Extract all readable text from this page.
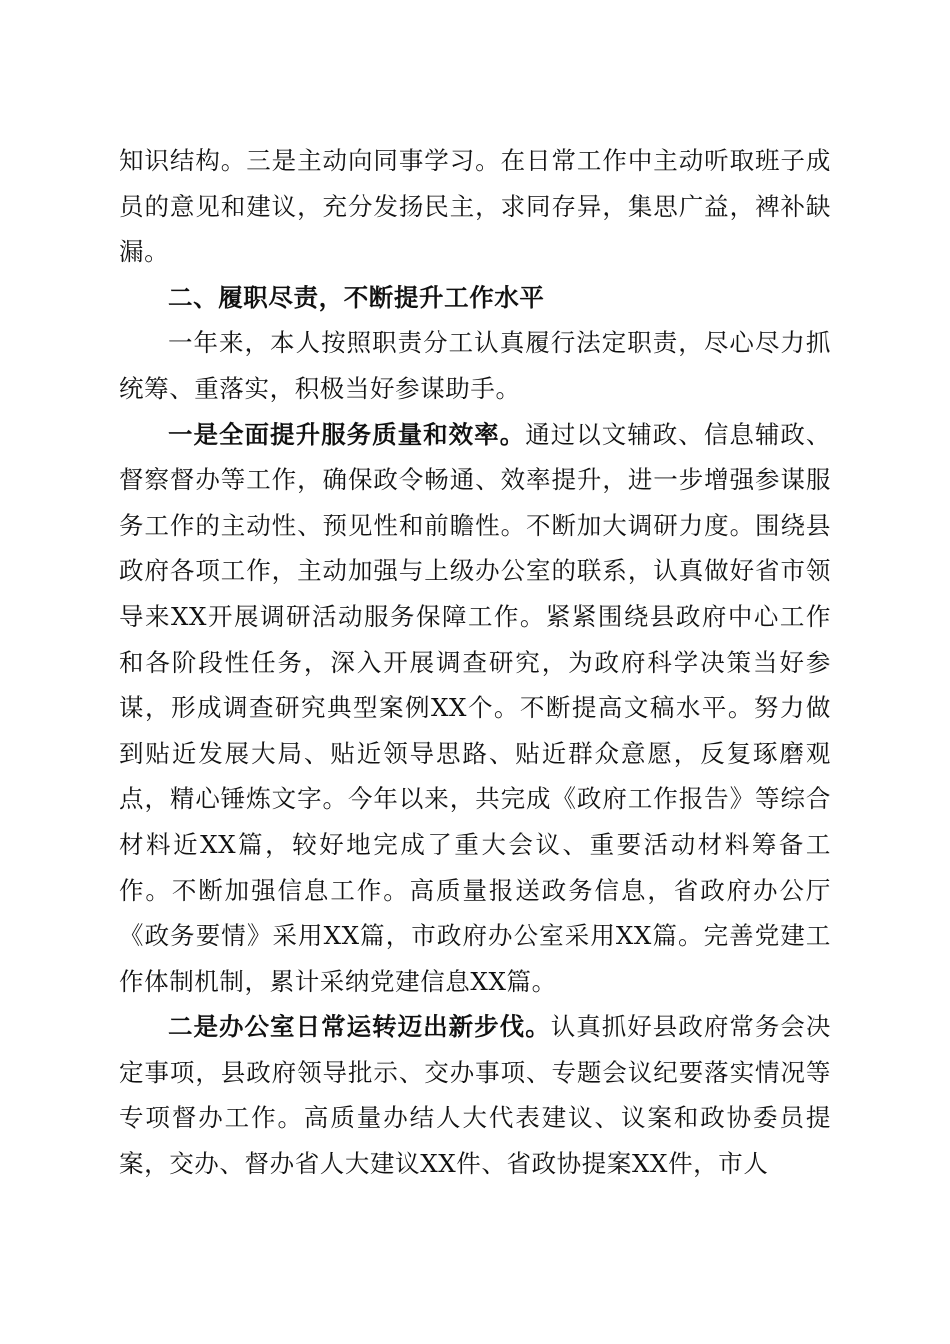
知识结构。三是主动向同事学习。在日常工作中主动听取班子成员的意见和建议，充分发扬民主，求同存异，集思广益，裨补缺漏。

二、履职尽责，不断提升工作水平

一年来，本人按照职责分工认真履行法定职责，尽心尽力抓统筹、重落实，积极当好参谋助手。

一是全面提升服务质量和效率。通过以文辅政、信息辅政、督察督办等工作，确保政令畅通、效率提升，进一步增强参谋服务工作的主动性、预见性和前瞻性。不断加大调研力度。围绕县政府各项工作，主动加强与上级办公室的联系，认真做好省市领导来XX开展调研活动服务保障工作。紧紧围绕县政府中心工作和各阶段性任务，深入开展调查研究，为政府科学决策当好参谋，形成调查研究典型案例XX个。不断提高文稿水平。努力做到贴近发展大局、贴近领导思路、贴近群众意愿，反复琢磨观点，精心锤炼文字。今年以来，共完成《政府工作报告》等综合材料近XX篇，较好地完成了重大会议、重要活动材料筹备工作。不断加强信息工作。高质量报送政务信息，省政府办公厅《政务要情》采用XX篇，市政府办公室采用XX篇。完善党建工作体制机制，累计采纳党建信息XX篇。

二是办公室日常运转迈出新步伐。认真抓好县政府常务会决定事项，县政府领导批示、交办事项、专题会议纪要落实情况等专项督办工作。高质量办结人大代表建议、议案和政协委员提案，交办、督办省人大建议XX件、省政协提案XX件，市人
